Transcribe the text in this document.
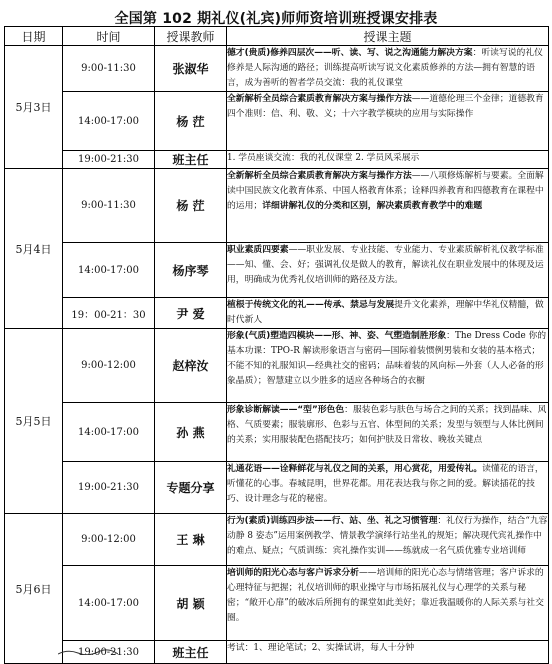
全国第 102 期礼仪(礼宾)师师资培训班授课安排表
日期	时间	授课教师	授课主题
5月3日	9:00-11:30	张淑华	德才(贵质)修养四层次——听、读、写、说之沟通能力解决方案：听读写说的礼仪修养是人际沟通的路径；训练提高听读写说文化素质修养的方法—拥有智慧的语言，成为善听的智者学员交流：我的礼仪课堂
	14:00-17:00	杨 茳	全新解析全员综合素质教育解决方案与操作方法——道德伦理三个金律；道德教育四个准则：信、利、敬、义；十六字教学模块的应用与实际操作
	19:00-21:30	班主任	1. 学员座谈交流：我的礼仪课堂 2. 学员风采展示
5月4日	9:00-11:30	杨 茳	全新解析全员综合素质教育解决方案与操作方法——八项修炼解析与要素。全面解读中国民族文化教育体系、中国人格教育体系；诠释四养教育和四德教育在课程中的运用；详细讲解礼仪的分类和区别，解决素质教育教学中的难题
	14:00-17:00	杨序琴	职业素质四要素——职业发展、专业技能、专业能力、专业素质解析礼仪教学标准——知、懂、会、好；强调礼仪是做人的教育，解读礼仪在职业发展中的体现及运用，明确成为优秀礼仪培训师的路径及方法。
	19：00-21：30	尹 爱	植根于传统文化的礼——传承、禁忌与发展提升文化素养，理解中华礼仪精髓，做时代新人
5月5日	9:00-12:00	赵梓汝	形象(气质)塑造四模块——形、神、姿、气塑造制胜形象：The Dress Code 你的基本功课：TPO-R 解读形象语言与密码—国际着装惯例男装和女装的基本格式；不能不知的礼服知识—经典社交的密码；品味着装的风向标—外套（人人必备的形象晶质）；智慧建立以少胜多的适应各种场合的衣橱
	14:00-17:00	孙 燕	形象诊断解读——“型”形色色：服装色彩与肤色与场合之间的关系；找到晶味、风格、气质要素；服装廓形、色彩与五官、体型间的关系；发型与领型与人体比例间的关系；实用服装配色搭配技巧；如何护肤及日常妆、晚妆关键点
	19:00-21:30	专题分享	礼通花语——诠释鲜花与礼仪之间的关系，用心赏花，用爱传礼。读懂花的语言，听懂花的心事。春城昆明，世界花都。用花表达我与你之间的爱。解读插花的技巧、设计理念与花的秘密。
5月6日	9:00-12:00	王 琳	行为(素质)训练四步法——行、站、坐、礼之习惯管理：礼仪行为操作，结合“九容动静 8 姿态”运用案例教学、情景教学演绎行站坐礼的规矩；解决现代宾礼操作中的难点、疑点；气质训练：宾礼操作实训——练就成一名气质优雅专业培训师
	14:00-17:00	胡 颖	培训师的阳光心态与客户诉求分析——培训师的阳光心态与情绪管理；客户诉求的心理特征与把握；礼仪培训师的职业操守与市场拓展礼仪与心理学的关系与秘密；“敞开心扉”的破冰后所拥有的课堂如此美好；靠近我温暖你的人际关系与社交圈。
	19:00-21:30	班主任	考试：1、理论笔试；2、实操试讲，每人十分钟
